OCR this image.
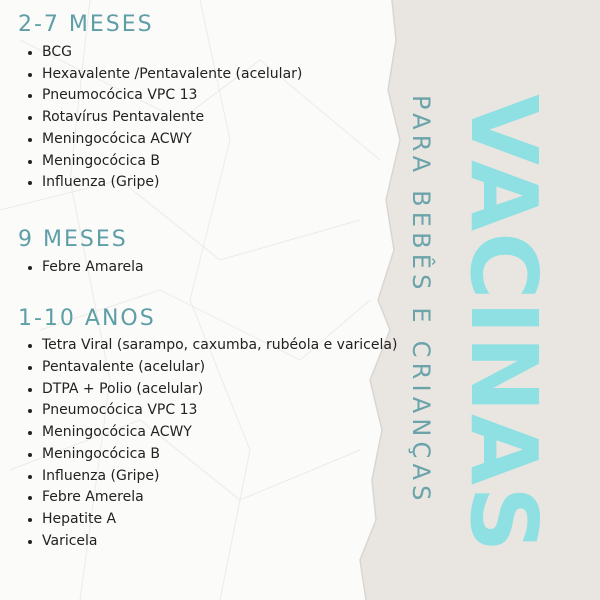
2-7 MESES
BCG
Hexavalente /Pentavalente (acelular)
Pneumocócica VPC 13
Rotavírus Pentavalente
Meningocócica ACWY
Meningocócica B
Influenza (Gripe)
9 MESES
Febre Amarela
1-10 ANOS
Tetra Viral (sarampo, caxumba, rubéola e varicela)
Pentavalente (acelular)
DTPA + Polio (acelular)
Pneumocócica VPC 13
Meningocócica ACWY
Meningocócica B
Influenza (Gripe)
Febre Amerela
Hepatite A
Varicela	VACINAS
PARA BEBÊS E CRIANÇAS
